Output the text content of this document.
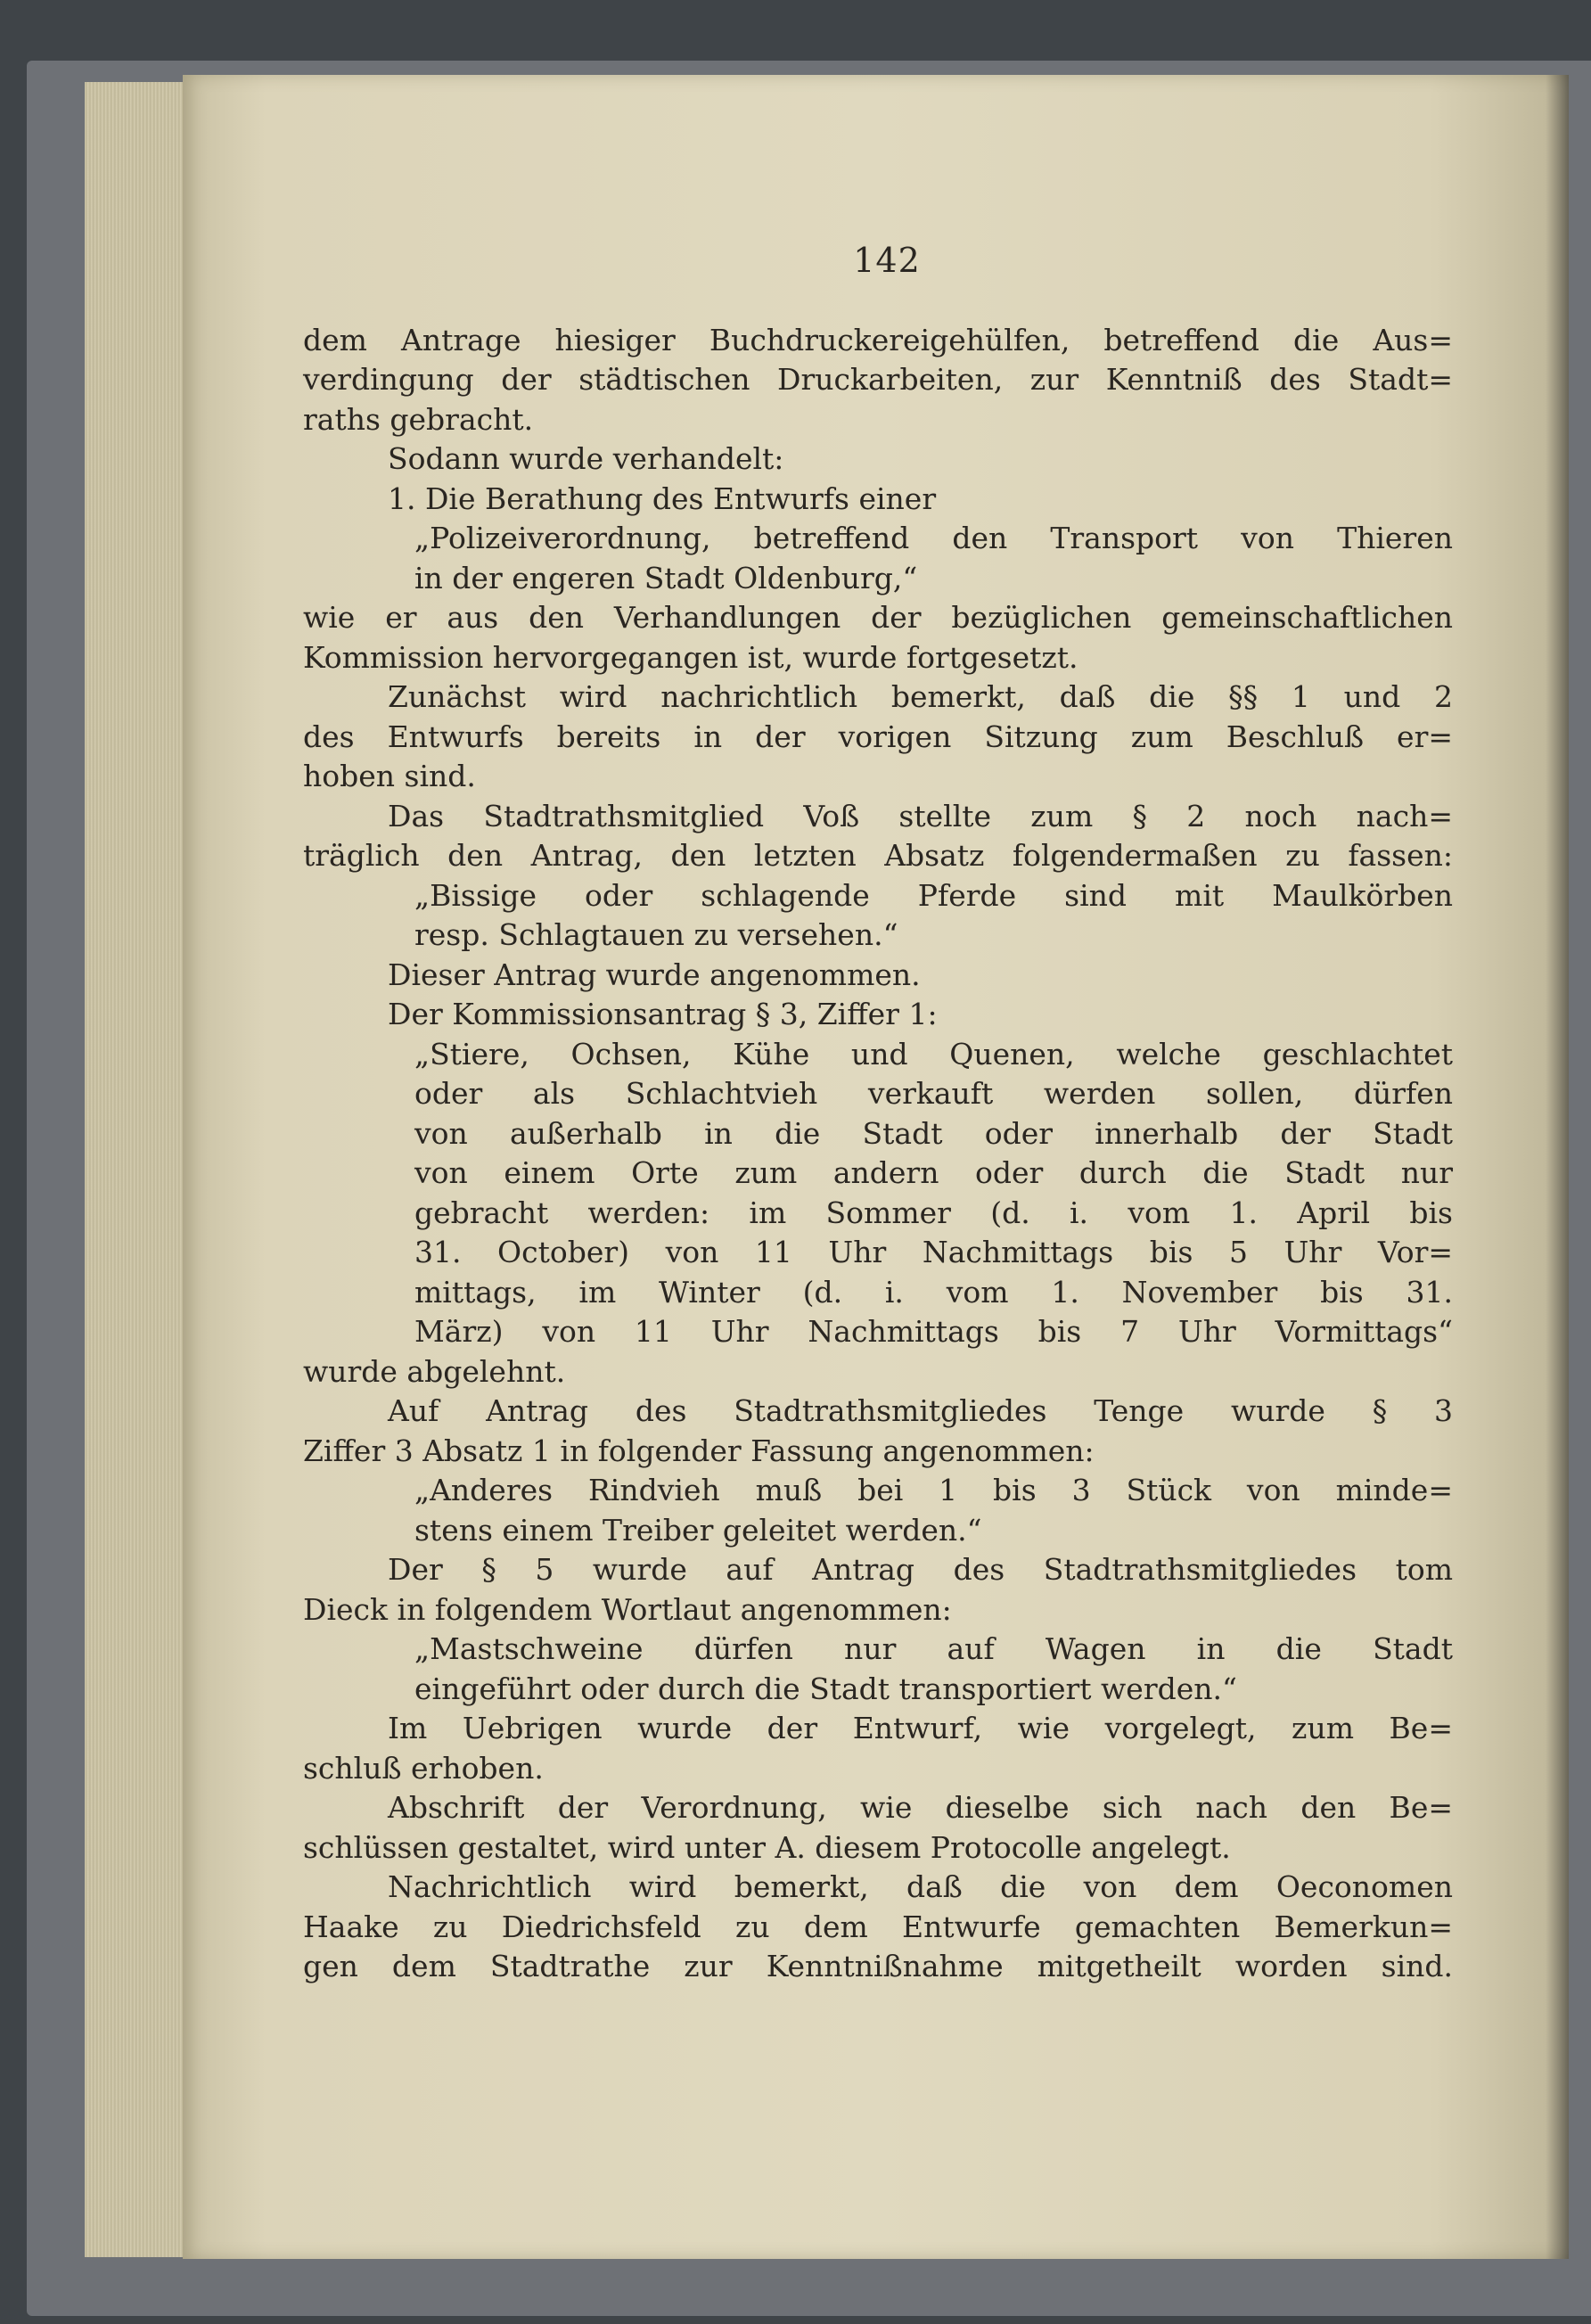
142
dem Antrage hiesiger Buchdruckereigehülfen, betreffend die Aus=
verdingung der städtischen Druckarbeiten, zur Kenntniß des Stadt=
raths gebracht.
Sodann wurde verhandelt:
1. Die Berathung des Entwurfs einer
„Polizeiverordnung, betreffend den Transport von Thieren
in der engeren Stadt Oldenburg,“
wie er aus den Verhandlungen der bezüglichen gemeinschaftlichen
Kommission hervorgegangen ist, wurde fortgesetzt.
Zunächst wird nachrichtlich bemerkt, daß die §§ 1 und 2
des Entwurfs bereits in der vorigen Sitzung zum Beschluß er=
hoben sind.
Das Stadtrathsmitglied Voß stellte zum § 2 noch nach=
träglich den Antrag, den letzten Absatz folgendermaßen zu fassen:
„Bissige oder schlagende Pferde sind mit Maulkörben
resp. Schlagtauen zu versehen.“
Dieser Antrag wurde angenommen.
Der Kommissionsantrag § 3, Ziffer 1:
„Stiere, Ochsen, Kühe und Quenen, welche geschlachtet
oder als Schlachtvieh verkauft werden sollen, dürfen
von außerhalb in die Stadt oder innerhalb der Stadt
von einem Orte zum andern oder durch die Stadt nur
gebracht werden: im Sommer (d. i. vom 1. April bis
31. October) von 11 Uhr Nachmittags bis 5 Uhr Vor=
mittags, im Winter (d. i. vom 1. November bis 31.
März) von 11 Uhr Nachmittags bis 7 Uhr Vormittags“
wurde abgelehnt.
Auf Antrag des Stadtrathsmitgliedes Tenge wurde § 3
Ziffer 3 Absatz 1 in folgender Fassung angenommen:
„Anderes Rindvieh muß bei 1 bis 3 Stück von minde=
stens einem Treiber geleitet werden.“
Der § 5 wurde auf Antrag des Stadtrathsmitgliedes tom
Dieck in folgendem Wortlaut angenommen:
„Mastschweine dürfen nur auf Wagen in die Stadt
eingeführt oder durch die Stadt transportiert werden.“
Im Uebrigen wurde der Entwurf, wie vorgelegt, zum Be=
schluß erhoben.
Abschrift der Verordnung, wie dieselbe sich nach den Be=
schlüssen gestaltet, wird unter A. diesem Protocolle angelegt.
Nachrichtlich wird bemerkt, daß die von dem Oeconomen
Haake zu Diedrichsfeld zu dem Entwurfe gemachten Bemerkun=
gen dem Stadtrathe zur Kenntnißnahme mitgetheilt worden sind.
